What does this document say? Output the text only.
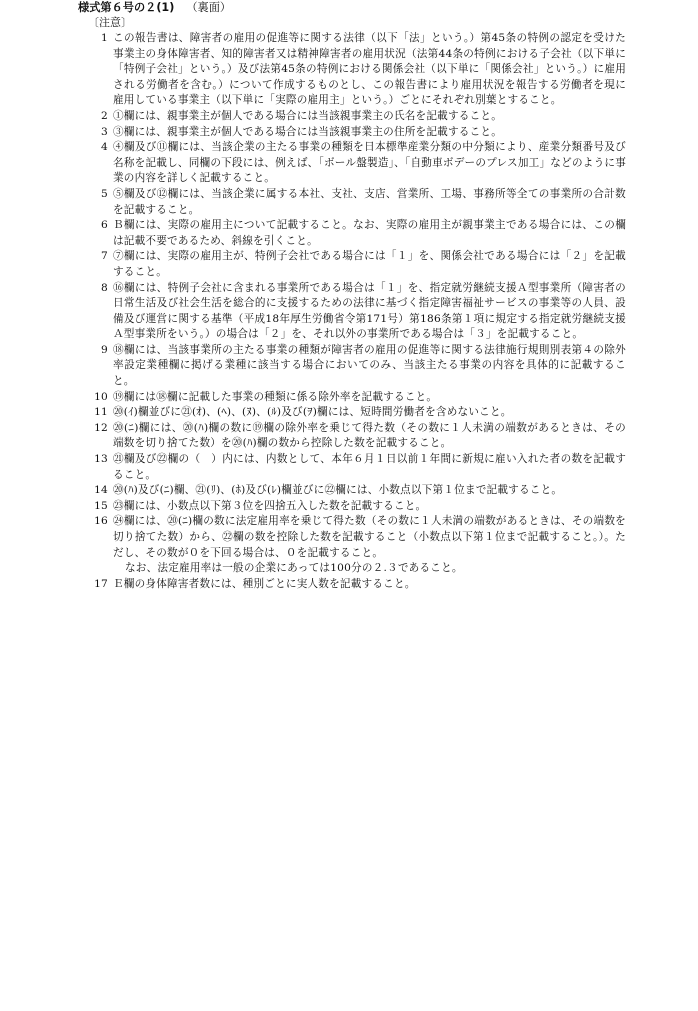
様式第６号の２(1) （裏面）
〔注意〕
1 この報告書は、障害者の雇用の促進等に関する法律（以下「法」という。）第45条の特例の認定を受けた事業主の身体障害者、知的障害者又は精神障害者の雇用状況（法第44条の特例における子会社（以下単に「特例子会社」という。）及び法第45条の特例における関係会社（以下単に「関係会社」という。）に雇用される労働者を含む。）について作成するものとし、この報告書により雇用状況を報告する労働者を現に雇用している事業主（以下単に「実際の雇用主」という。）ごとにそれぞれ別葉とすること。
2 ①欄には、親事業主が個人である場合には当該親事業主の氏名を記載すること。
3 ③欄には、親事業主が個人である場合には当該親事業主の住所を記載すること。
4 ④欄及び⑪欄には、当該企業の主たる事業の種類を日本標準産業分類の中分類により、産業分類番号及び名称を記載し、同欄の下段には、例えば、「ボール盤製造」、「自動車ボデーのプレス加工」などのように事業の内容を詳しく記載すること。
5 ⑤欄及び⑫欄には、当該企業に属する本社、支社、支店、営業所、工場、事務所等全ての事業所の合計数を記載すること。
6 Ｂ欄には、実際の雇用主について記載すること。なお、実際の雇用主が親事業主である場合には、この欄は記載不要であるため、斜線を引くこと。
7 ⑦欄には、実際の雇用主が、特例子会社である場合には「１」を、関係会社である場合には「２」を記載すること。
8 ⑯欄には、特例子会社に含まれる事業所である場合は「１」を、指定就労継続支援Ａ型事業所（障害者の日常生活及び社会生活を総合的に支援するための法律に基づく指定障害福祉サービスの事業等の人員、設備及び運営に関する基準（平成18年厚生労働省令第171号）第186条第１項に規定する指定就労継続支援Ａ型事業所をいう。）の場合は「２」を、それ以外の事業所である場合は「３」を記載すること。
9 ⑱欄には、当該事業所の主たる事業の種類が障害者の雇用の促進等に関する法律施行規則別表第４の除外率設定業種欄に掲げる業種に該当する場合においてのみ、当該主たる事業の内容を具体的に記載すること。
10 ⑲欄には⑱欄に記載した事業の種類に係る除外率を記載すること。
11 ⑳(ｲ)欄並びに㉑(ｵ)、(ﾍ)、(ﾇ)、(ﾙ)及び(ｦ)欄には、短時間労働者を含めないこと。
12 ⑳(ﾆ)欄には、⑳(ﾊ)欄の数に⑲欄の除外率を乗じて得た数（その数に１人未満の端数があるときは、その端数を切り捨てた数）を⑳(ﾊ)欄の数から控除した数を記載すること。
13 ㉑欄及び㉒欄の（　）内には、内数として、本年６月１日以前１年間に新規に雇い入れた者の数を記載すること。
14 ⑳(ﾊ)及び(ﾆ)欄、㉑(ﾘ)、(ﾎ)及び(ﾚ)欄並びに㉒欄には、小数点以下第１位まで記載すること。
15 ㉓欄には、小数点以下第３位を四捨五入した数を記載すること。
16 ㉔欄には、⑳(ﾆ)欄の数に法定雇用率を乗じて得た数（その数に１人未満の端数があるときは、その端数を切り捨てた数）から、㉒欄の数を控除した数を記載すること（小数点以下第１位まで記載すること。）。ただし、その数が０を下回る場合は、０を記載すること。
なお、法定雇用率は一般の企業にあっては100分の２.３であること。
17 Ｅ欄の身体障害者数には、種別ごとに実人数を記載すること。
